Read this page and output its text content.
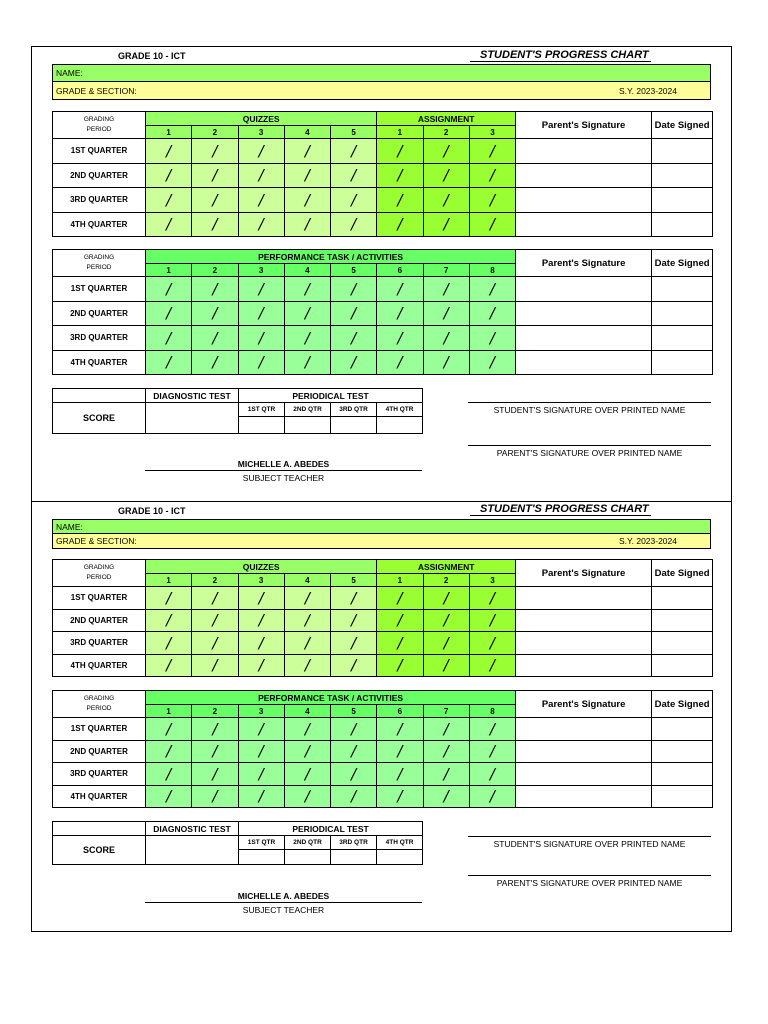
GRADE 10 - ICT	STUDENT'S PROGRESS CHART
NAME:
GRADE & SECTION:	S.Y. 2023-2024
GRADING
PERIOD	QUIZZES					ASSIGNMENT			Parent's Signature	Date Signed
	1	2	3	4	5	1	2	3		
1ST QUARTER	/	/	/	/	/	/	/	/		
2ND QUARTER	/	/	/	/	/	/	/	/		
3RD QUARTER	/	/	/	/	/	/	/	/		
4TH QUARTER	/	/	/	/	/	/	/	/		
GRADING
PERIOD	PERFORMANCE TASK / ACTIVITIES								Parent's Signature	Date Signed
	1	2	3	4	5	6	7	8		
1ST QUARTER	/	/	/	/	/	/	/	/		
2ND QUARTER	/	/	/	/	/	/	/	/		
3RD QUARTER	/	/	/	/	/	/	/	/		
4TH QUARTER	/	/	/	/	/	/	/	/		
	DIAGNOSTIC TEST	PERIODICAL TEST			
SCORE		1ST QTR	2ND QTR	3RD QTR	4TH QTR
				STUDENT'S SIGNATURE OVER PRINTED NAME
PARENT'S SIGNATURE OVER PRINTED NAME
MICHELLE A. ABEDES
SUBJECT TEACHER
GRADE 10 - ICT	STUDENT'S PROGRESS CHART
NAME:
GRADE & SECTION:	S.Y. 2023-2024
GRADING
PERIOD	QUIZZES					ASSIGNMENT			Parent's Signature	Date Signed
	1	2	3	4	5	1	2	3		
1ST QUARTER	/	/	/	/	/	/	/	/		
2ND QUARTER	/	/	/	/	/	/	/	/		
3RD QUARTER	/	/	/	/	/	/	/	/		
4TH QUARTER	/	/	/	/	/	/	/	/		
GRADING
PERIOD	PERFORMANCE TASK / ACTIVITIES								Parent's Signature	Date Signed
	1	2	3	4	5	6	7	8		
1ST QUARTER	/	/	/	/	/	/	/	/		
2ND QUARTER	/	/	/	/	/	/	/	/		
3RD QUARTER	/	/	/	/	/	/	/	/		
4TH QUARTER	/	/	/	/	/	/	/	/		
	DIAGNOSTIC TEST	PERIODICAL TEST			
SCORE		1ST QTR	2ND QTR	3RD QTR	4TH QTR
				STUDENT'S SIGNATURE OVER PRINTED NAME
PARENT'S SIGNATURE OVER PRINTED NAME
MICHELLE A. ABEDES
SUBJECT TEACHER
